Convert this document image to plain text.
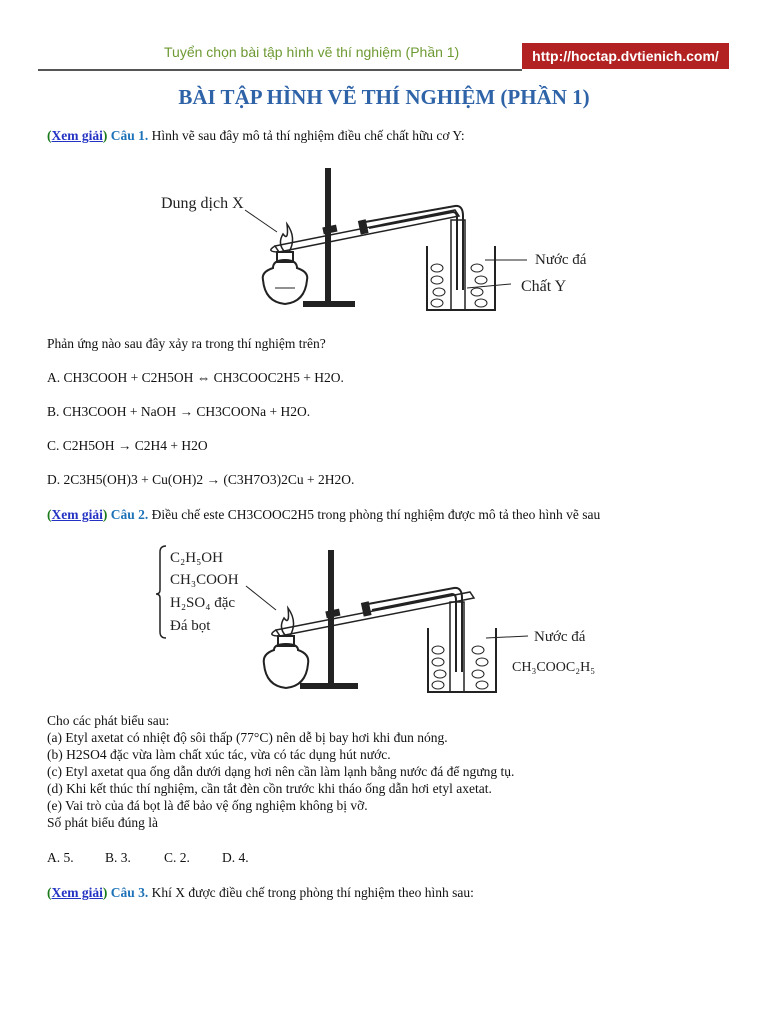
Tuyển chọn bài tập hình vẽ thí nghiệm (Phần 1)	http://hoctap.dvtienich.com/
BÀI TẬP HÌNH VẼ THÍ NGHIỆM (PHẦN 1)
(Xem giải) Câu 1. Hình vẽ sau đây mô tả thí nghiệm điều chế chất hữu cơ Y:
Dung dịch X
Nước đá
Chất Y
Phản ứng nào sau đây xảy ra trong thí nghiệm trên?
A. CH3COOH + C2H5OH ⇔ CH3COOC2H5 + H2O.
B. CH3COOH + NaOH → CH3COONa + H2O.
C. C2H5OH → C2H4 + H2O
D. 2C3H5(OH)3 + Cu(OH)2 → (C3H7O3)2Cu + 2H2O.
(Xem giải) Câu 2. Điều chế este CH3COOC2H5 trong phòng thí nghiệm được mô tả theo hình vẽ sau
C₂H₅OH
CH₃COOH
H₂SO₄ đặc
Đá bọt
Nước đá
CH₃COOC₂H₅
Cho các phát biểu sau:
(a) Etyl axetat có nhiệt độ sôi thấp (77°C) nên dễ bị bay hơi khi đun nóng.
(b) H2SO4 đặc vừa làm chất xúc tác, vừa có tác dụng hút nước.
(c) Etyl axetat qua ống dẫn dưới dạng hơi nên cần làm lạnh bằng nước đá để ngưng tụ.
(d) Khi kết thúc thí nghiệm, cần tắt đèn cồn trước khi tháo ống dẫn hơi etyl axetat.
(e) Vai trò của đá bọt là để bảo vệ ống nghiệm không bị vỡ.
Số phát biểu đúng là
A. 5. B. 3. C. 2. D. 4.
(Xem giải) Câu 3. Khí X được điều chế trong phòng thí nghiệm theo hình sau:
